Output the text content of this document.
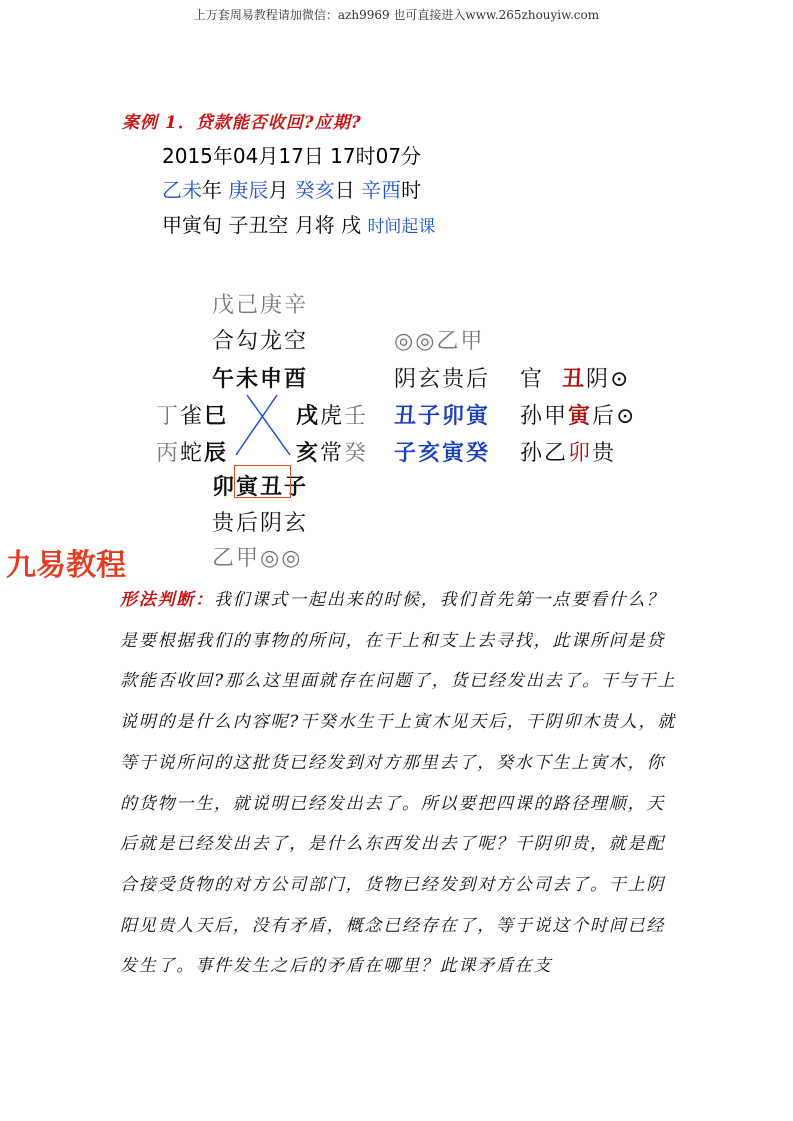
上万套周易教程请加微信：azh9969 也可直接进入www.265zhouyiw.com
案例 1．贷款能否收回?应期?
2015年04月17日 17时07分
乙未年 庚辰月 癸亥日 辛酉时
甲寅旬 子丑空 月将 戌 时间起课
戊己庚辛
合勾龙空
午未申酉
丁雀巳
丙蛇辰
戌虎壬
亥常癸
卯寅丑子
贵后阴玄
乙甲◎◎
◎◎乙甲
阴玄贵后
丑子卯寅
子亥寅癸
官 丑阴⊙
孙甲寅后⊙
孙乙卯贵
九易教程
形法判断：我们课式一起出来的时候，我们首先第一点要看什么？是要根据我们的事物的所问，在干上和支上去寻找，此课所问是贷款能否收回?那么这里面就存在问题了，货已经发出去了。干与干上说明的是什么内容呢?干癸水生干上寅木见天后，干阴卯木贵人，就等于说所问的这批货已经发到对方那里去了，癸水下生上寅木，你的货物一生，就说明已经发出去了。所以要把四课的路径理顺，天后就是已经发出去了，是什么东西发出去了呢？干阴卯贵，就是配合接受货物的对方公司部门，货物已经发到对方公司去了。干上阴阳见贵人天后，没有矛盾，概念已经存在了，等于说这个时间已经发生了。事件发生之后的矛盾在哪里？此课矛盾在支
